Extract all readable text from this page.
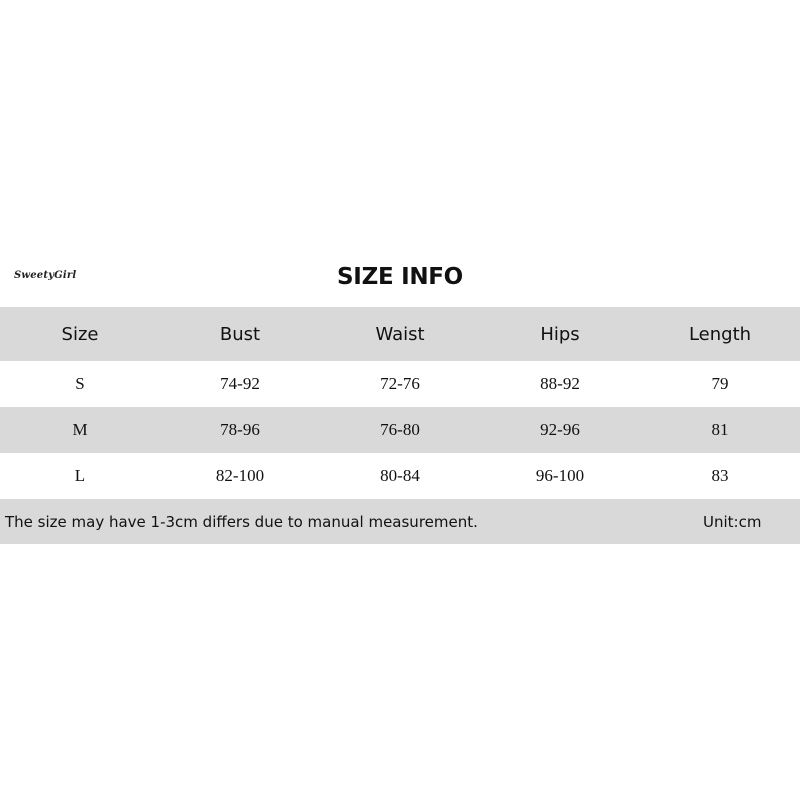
SweetyGirl	SIZE INFO
Size	Bust	Waist	Hips	Length
S	74-92	72-76	88-92	79
M	78-96	76-80	92-96	81
L	82-100	80-84	96-100	83
The size may have 1-3cm differs due to manual measurement.	Unit:cm
